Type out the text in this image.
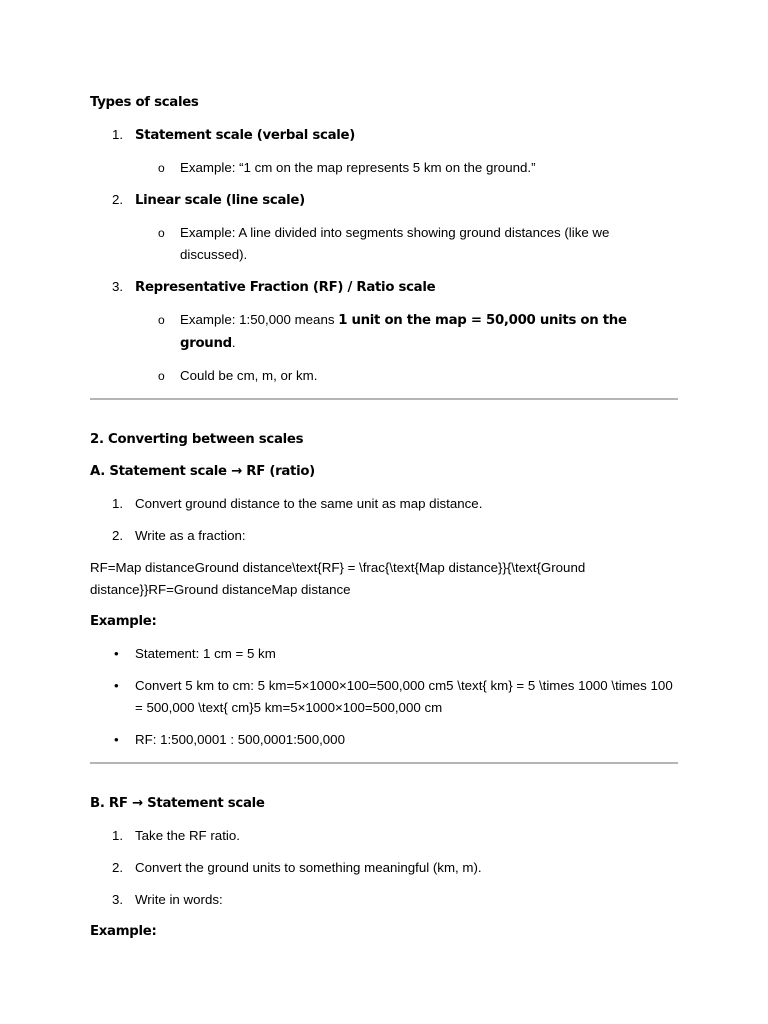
Types of scales

1. Statement scale (verbal scale)
o Example: “1 cm on the map represents 5 km on the ground.”
2. Linear scale (line scale)
o Example: A line divided into segments showing ground distances (like we discussed).
3. Representative Fraction (RF) / Ratio scale
o Example: 1:50,000 means 1 unit on the map = 50,000 units on the ground.
o Could be cm, m, or km.

2. Converting between scales

A. Statement scale → RF (ratio)

1. Convert ground distance to the same unit as map distance.
2. Write as a fraction:

RF=Map distanceGround distance\text{RF} = \frac{\text{Map distance}}{\text{Ground distance}}RF=Ground distanceMap distance

Example:

• Statement: 1 cm = 5 km
• Convert 5 km to cm: 5 km=5×1000×100=500,000 cm5 \text{ km} = 5 \times 1000 \times 100 = 500,000 \text{ cm}5 km=5×1000×100=500,000 cm
• RF: 1:500,0001 : 500,0001:500,000

B. RF → Statement scale

1. Take the RF ratio.
2. Convert the ground units to something meaningful (km, m).
3. Write in words:

Example:
